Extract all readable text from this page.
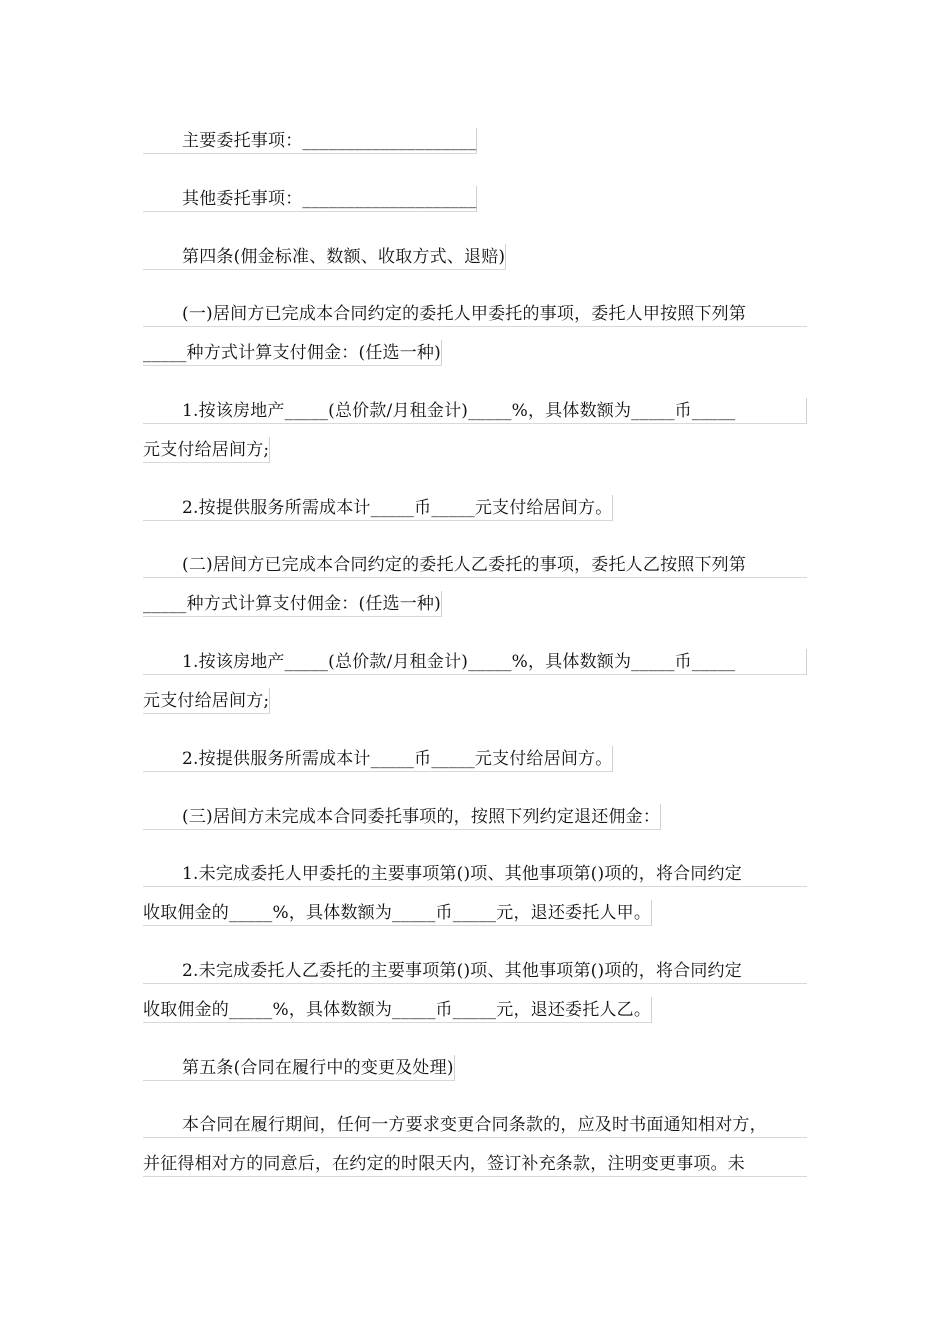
主要委托事项：____________________
其他委托事项：____________________
第四条(佣金标准、数额、收取方式、退赔)
(一)居间方已完成本合同约定的委托人甲委托的事项，委托人甲按照下列第
_____种方式计算支付佣金：(任选一种)
1.按该房地产_____(总价款/月租金计)_____%，具体数额为_____币_____
元支付给居间方;
2.按提供服务所需成本计_____币_____元支付给居间方。
(二)居间方已完成本合同约定的委托人乙委托的事项，委托人乙按照下列第
_____种方式计算支付佣金：(任选一种)
1.按该房地产_____(总价款/月租金计)_____%，具体数额为_____币_____
元支付给居间方;
2.按提供服务所需成本计_____币_____元支付给居间方。
(三)居间方未完成本合同委托事项的，按照下列约定退还佣金：
1.未完成委托人甲委托的主要事项第()项、其他事项第()项的，将合同约定
收取佣金的_____%，具体数额为_____币_____元，退还委托人甲。
2.未完成委托人乙委托的主要事项第()项、其他事项第()项的，将合同约定
收取佣金的_____%，具体数额为_____币_____元，退还委托人乙。
第五条(合同在履行中的变更及处理)
本合同在履行期间，任何一方要求变更合同条款的，应及时书面通知相对方，
并征得相对方的同意后，在约定的时限天内，签订补充条款，注明变更事项。未
